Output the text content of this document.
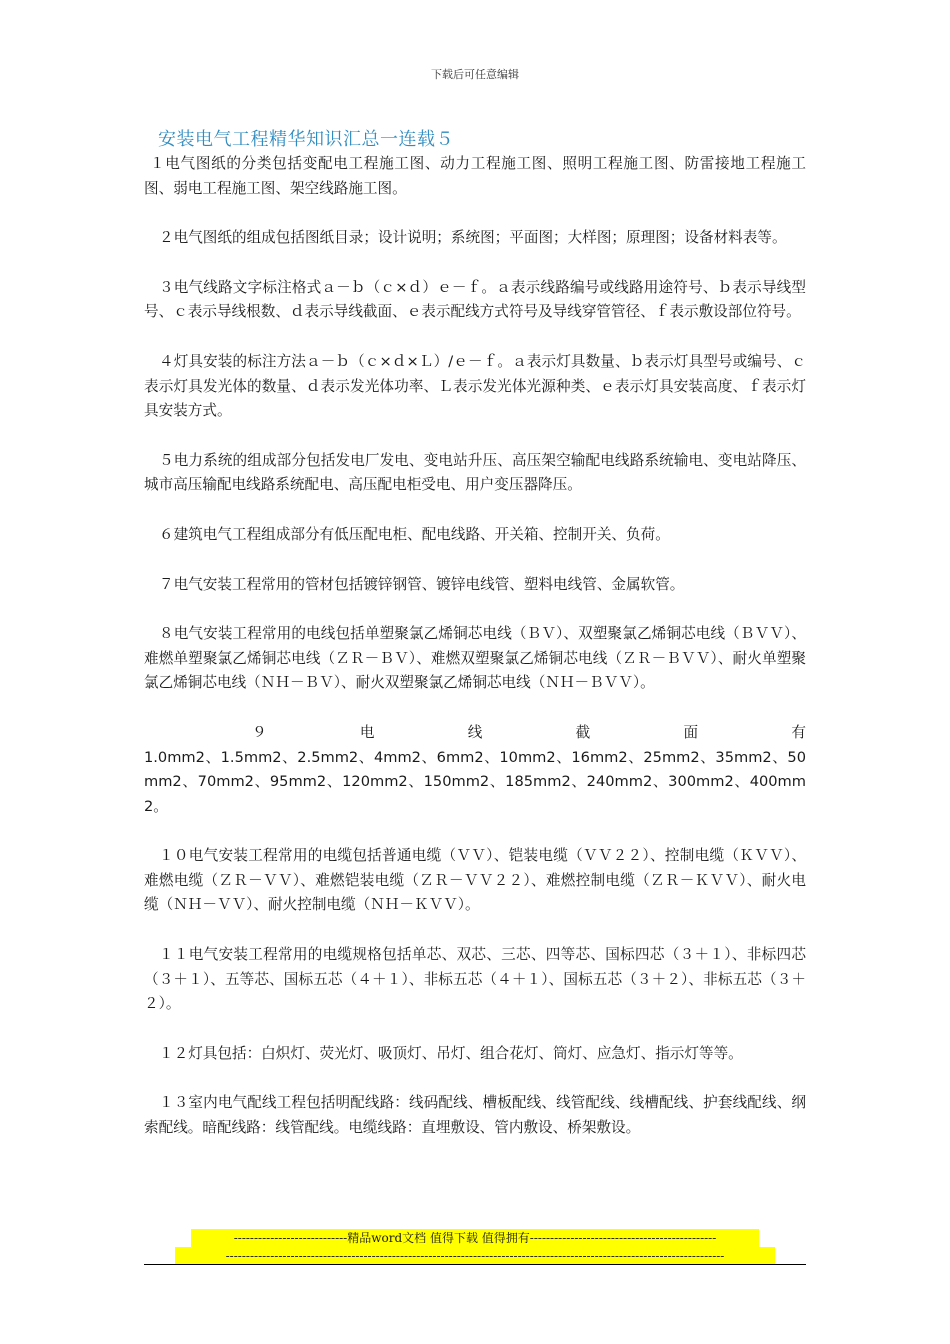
下载后可任意编辑
安装电气工程精华知识汇总一连载５

１电气图纸的分类包括变配电工程施工图、动力工程施工图、照明工程施工图、防雷接地工程施工图、弱电工程施工图、架空线路施工图。

２电气图纸的组成包括图纸目录；设计说明；系统图；平面图；大样图；原理图；设备材料表等。

３电气线路文字标注格式ａ－ｂ（ｃ×ｄ）ｅ－ｆ。ａ表示线路编号或线路用途符号、ｂ表示导线型号、ｃ表示导线根数、ｄ表示导线截面、ｅ表示配线方式符号及导线穿管管径、ｆ表示敷设部位符号。

４灯具安装的标注方法ａ－ｂ（ｃ×ｄ×Ｌ）/ｅ－ｆ。ａ表示灯具数量、ｂ表示灯具型号或编号、ｃ表示灯具发光体的数量、ｄ表示发光体功率、Ｌ表示发光体光源种类、ｅ表示灯具安装高度、ｆ表示灯具安装方式。

５电力系统的组成部分包括发电厂发电、变电站升压、高压架空输配电线路系统输电、变电站降压、城市高压输配电线路系统配电、高压配电柜受电、用户变压器降压。

６建筑电气工程组成部分有低压配电柜、配电线路、开关箱、控制开关、负荷。

７电气安装工程常用的管材包括镀锌钢管、镀锌电线管、塑料电线管、金属软管。

８电气安装工程常用的电线包括单塑聚氯乙烯铜芯电线（ＢＶ）、双塑聚氯乙烯铜芯电线（ＢＶＶ）、难燃单塑聚氯乙烯铜芯电线（ＺＲ－ＢＶ）、难燃双塑聚氯乙烯铜芯电线（ＺＲ－ＢＶＶ）、耐火单塑聚氯乙烯铜芯电线（ＮＨ－ＢＶ）、耐火双塑聚氯乙烯铜芯电线（ＮＨ－ＢＶＶ）。

９	电	线	截	面	有
1.0mm2、1.5mm2、2.5mm2、4mm2、6mm2、10mm2、16mm2、25mm2、35mm2、50mm2、70mm2、95mm2、120mm2、150mm2、185mm2、240mm2、300mm2、400mm2。

１０电气安装工程常用的电缆包括普通电缆（ＶＶ）、铠装电缆（ＶＶ２２）、控制电缆（ＫＶＶ）、难燃电缆（ＺＲ－ＶＶ）、难燃铠装电缆（ＺＲ－ＶＶ２２）、难燃控制电缆（ＺＲ－ＫＶＶ）、耐火电缆（ＮＨ－ＶＶ）、耐火控制电缆（ＮＨ－ＫＶＶ）。

１１电气安装工程常用的电缆规格包括单芯、双芯、三芯、四等芯、国标四芯（３＋１）、非标四芯（３＋１）、五等芯、国标五芯（４＋１）、非标五芯（４＋１）、国标五芯（３＋２）、非标五芯（３＋２）。

１２灯具包括：白炽灯、荧光灯、吸顶灯、吊灯、组合花灯、筒灯、应急灯、指示灯等等。

１３室内电气配线工程包括明配线路：线码配线、槽板配线、线管配线、线槽配线、护套线配线、纲索配线。暗配线路：线管配线。电缆线路：直埋敷设、管内敷设、桥架敷设。

----------------------------精品word文档 值得下载 值得拥有----------------------------------------------
---------------------------------------------------------------------------------------------------------------------------
